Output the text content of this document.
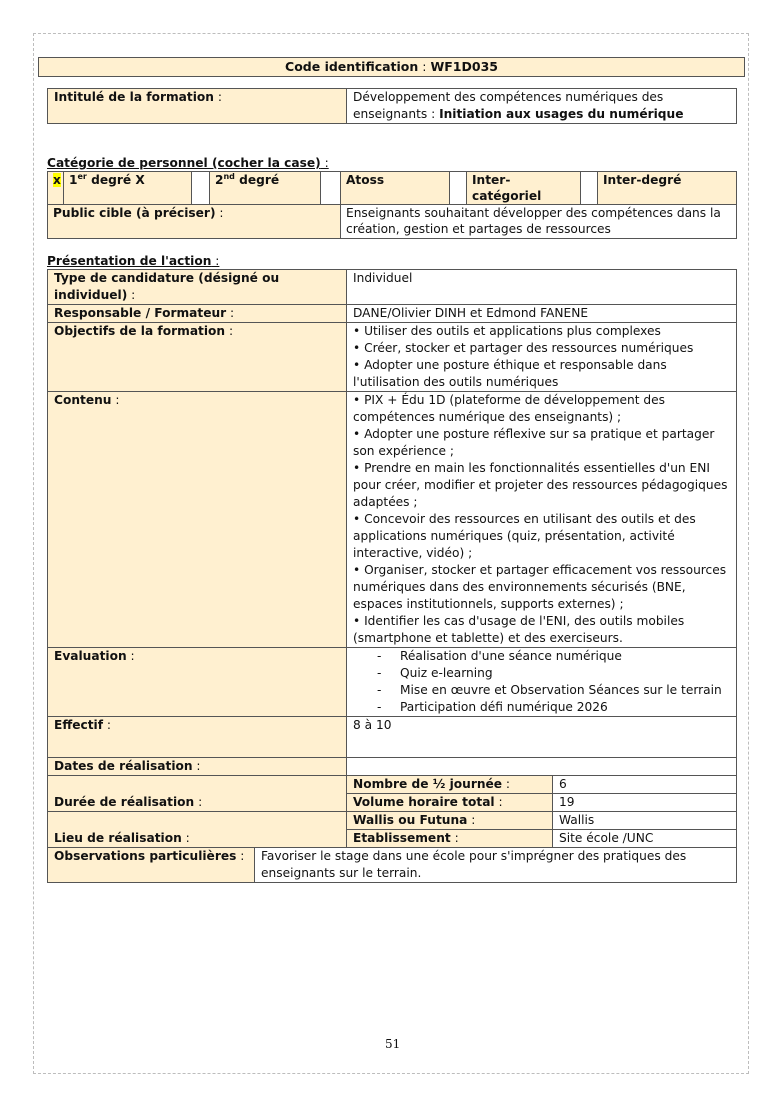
Code identification : WF1D035
Intitulé de la formation :	Développement des compétences numériques des enseignants : Initiation aux usages du numérique
Catégorie de personnel (cocher la case) :
x	1er degré X		2nd degré		Atoss		Inter-catégoriel		Inter-degré
Public cible (à préciser) :					Enseignants souhaitant développer des compétences dans la création, gestion et partages de ressources				
Présentation de l'action :
Type de candidature (désigné ou individuel) :		Individuel	
Responsable / Formateur :		DANE/Olivier DINH et Edmond FANENE	
Objectifs de la formation :		• Utiliser des outils et applications plus complexes
• Créer, stocker et partager des ressources numériques
• Adopter une posture éthique et responsable dans l'utilisation des outils numériques	

Contenu :	• PIX + Édu 1D (plateforme de développement des compétences numérique des enseignants) ;
• Adopter une posture réflexive sur sa pratique et partager son expérience ;
• Prendre en main les fonctionnalités essentielles d'un ENI pour créer, modifier et projeter des ressources pédagogiques adaptées ;
• Concevoir des ressources en utilisant des outils et des applications numériques (quiz, présentation, activité interactive, vidéo) ;
• Organiser, stocker et partager efficacement vos ressources numériques dans des environnements sécurisés (BNE, espaces institutionnels, supports externes) ;
• Identifier les cas d'usage de l'ENI, des outils mobiles (smartphone et tablette) et des exerciseurs.

Evaluation :		- Réalisation d'une séance numérique
- Quiz e-learning
- Mise en œuvre et Observation Séances sur le terrain
- Participation défi numérique 2026

Effectif :		8 à 10	
Dates de réalisation :			
Durée de réalisation :		Nombre de ½ journée :	6
		Volume horaire total :	19
Lieu de réalisation :		Wallis ou Futuna :	Wallis
		Etablissement :	Site école /UNC
Observations particulières :	Favoriser le stage dans une école pour s'imprégner des pratiques des enseignants sur le terrain.		
51
